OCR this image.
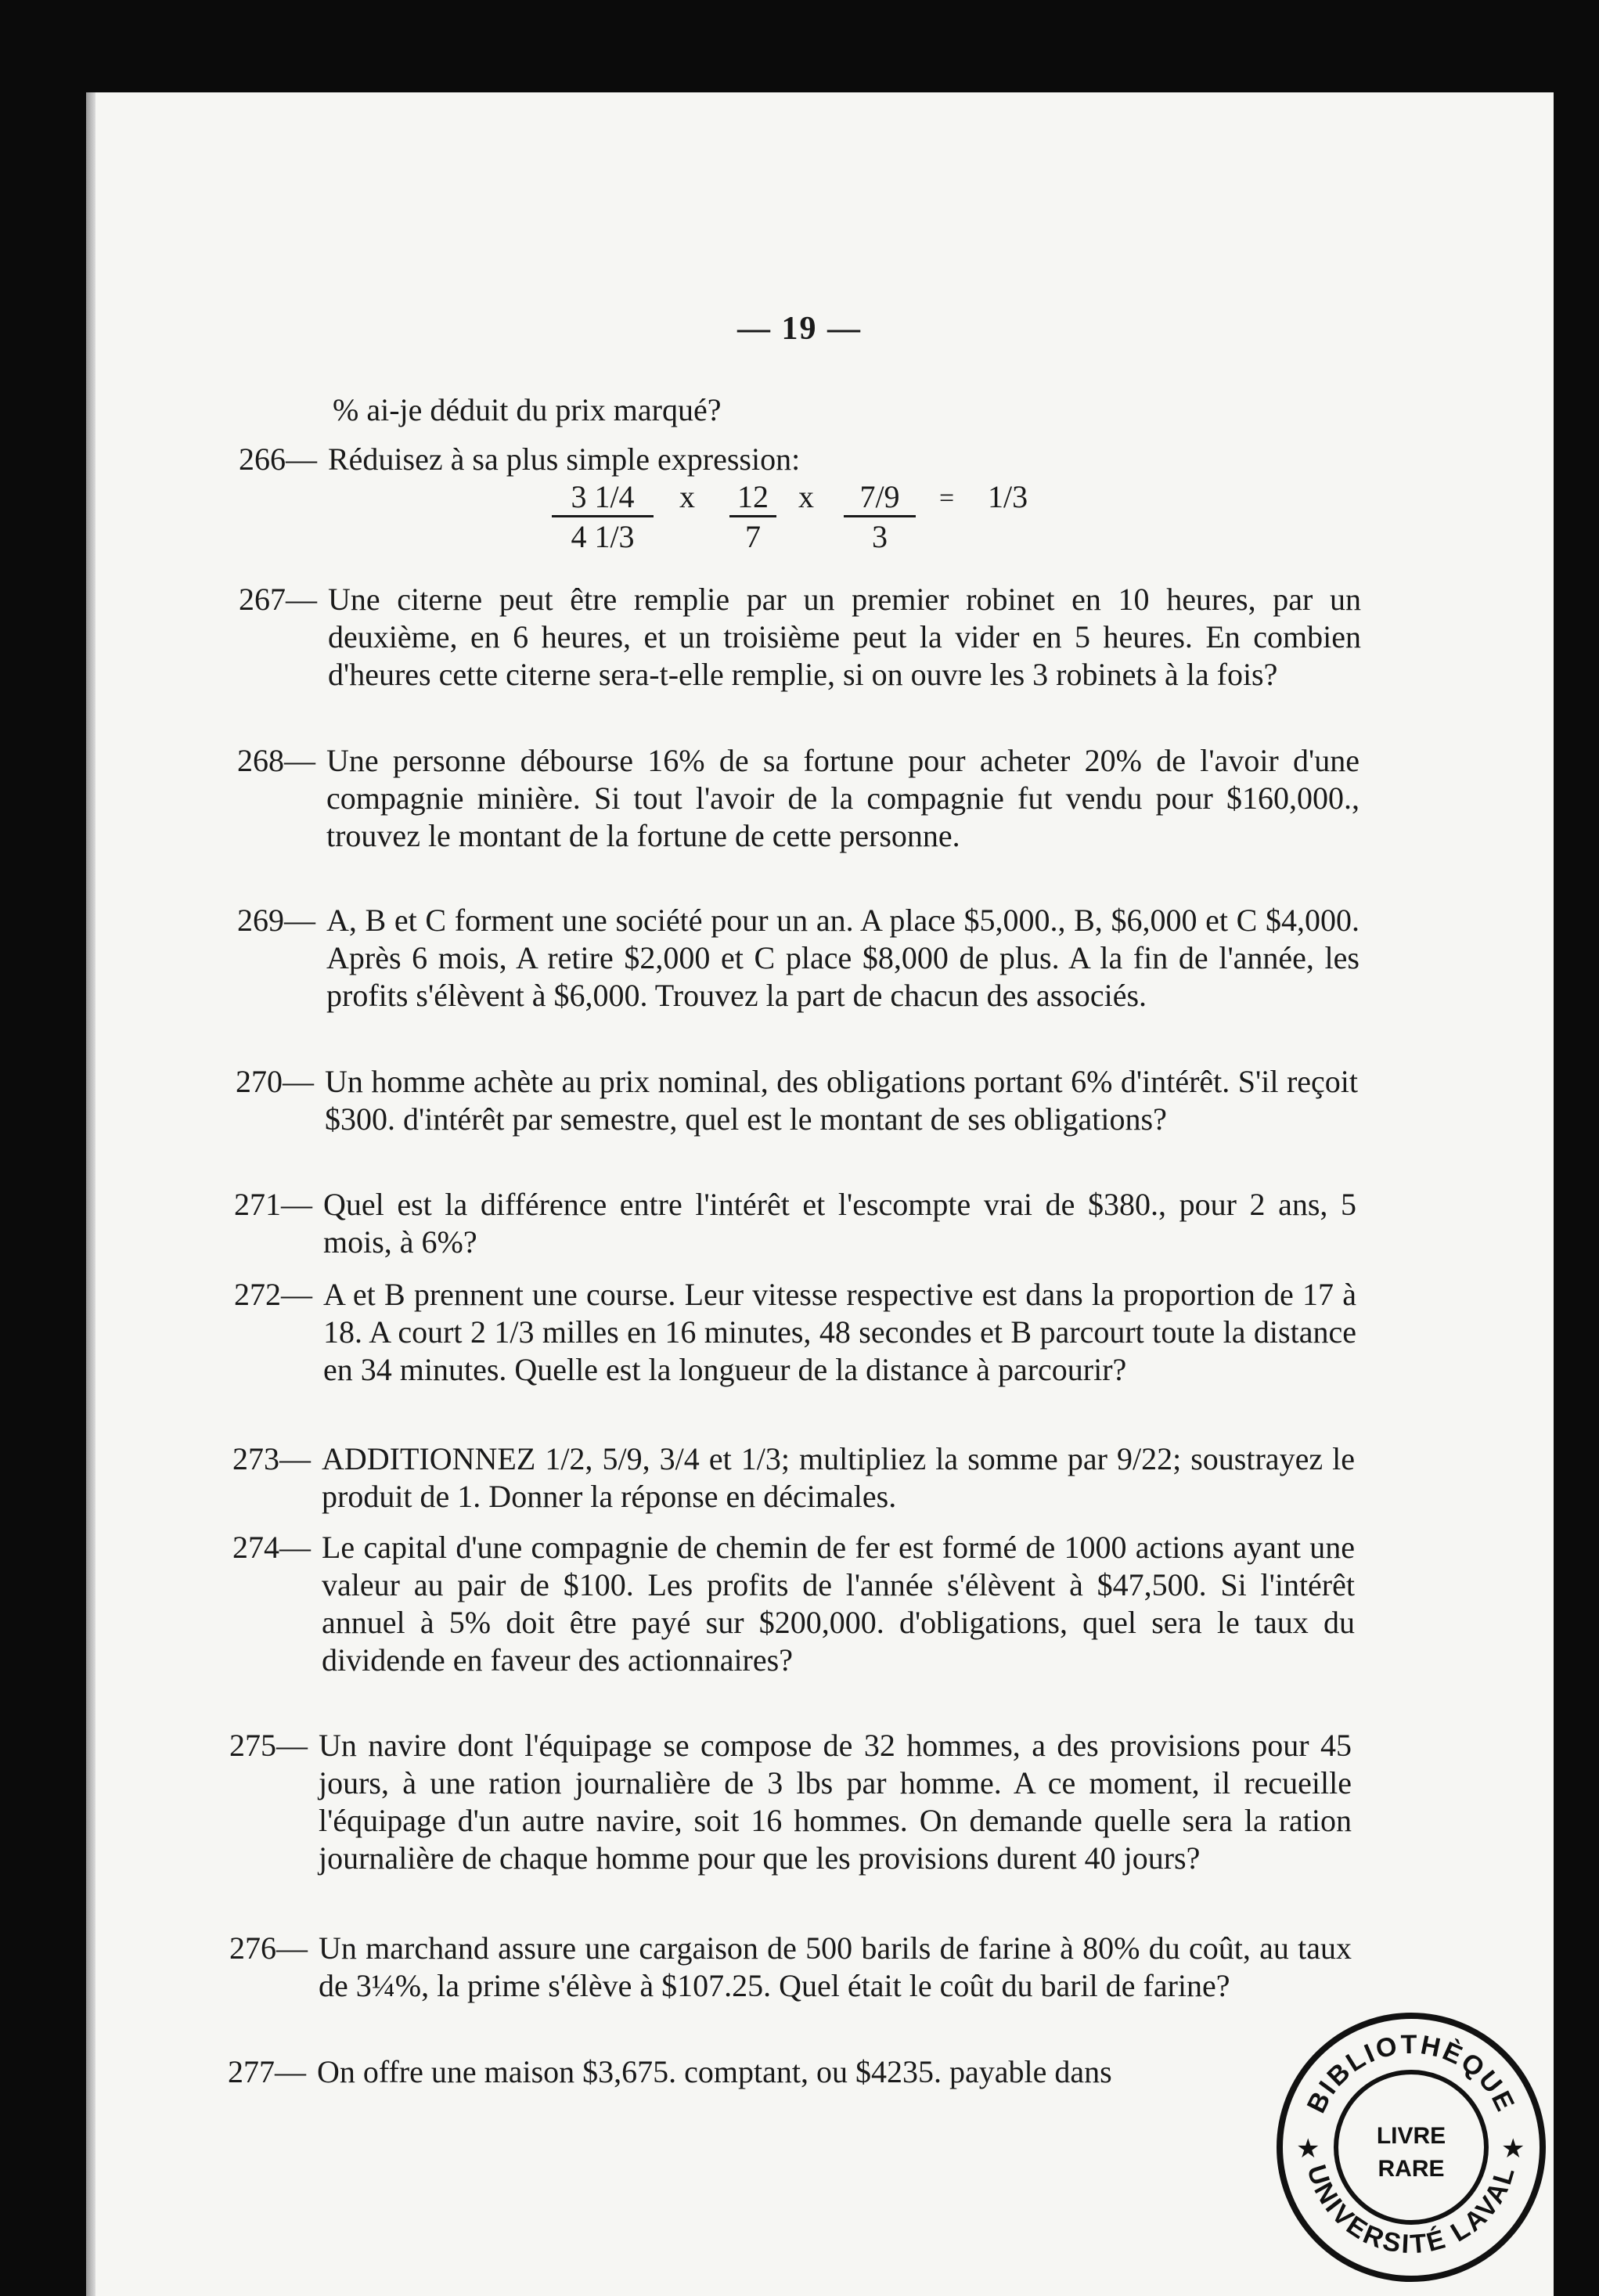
— 19 —
% ai-je déduit du prix marqué?
266— Réduisez à sa plus simple expression:
$\frac{3 1/4}{4 1/3}$ x $\frac{12}{7}$ x $\frac{7/9}{3} = 1/3$
267— Une citerne peut être remplie par un premier robinet en 10 heures, par un deuxième, en 6 heures, et un troisième peut la vider en 5 heures. En combien d'heures cette citerne sera-t-elle remplie, si on ouvre les 3 robinets à la fois?
268— Une personne débourse 16% de sa fortune pour acheter 20% de l'avoir d'une compagnie minière. Si tout l'avoir de la compagnie fut vendu pour $160,000., trouvez le montant de la fortune de cette personne.
269— A, B et C forment une société pour un an. A place $5,000., B, $6,000 et C $4,000. Après 6 mois, A retire $2,000 et C place $8,000 de plus. A la fin de l'année, les profits s'élèvent à $6,000. Trouvez la part de chacun des associés.
270— Un homme achète au prix nominal, des obligations portant 6% d'intérêt. S'il reçoit $300. d'intérêt par semestre, quel est le montant de ses obligations?
271— Quel est la différence entre l'intérêt et l'escompte vrai de $380., pour 2 ans, 5 mois, à 6%?
272— A et B prennent une course. Leur vitesse respective est dans la proportion de 17 à 18. A court 2 1/3 milles en 16 minutes, 48 secondes et B parcourt toute la distance en 34 minutes. Quelle est la longueur de la distance à parcourir?
273— ADDITIONNEZ 1/2, 5/9, 3/4 et 1/3; multipliez la somme par 9/22; soustrayez le produit de 1. Donner la réponse en décimales.
274— Le capital d'une compagnie de chemin de fer est formé de 1000 actions ayant une valeur au pair de $100. Les profits de l'année s'élèvent à $47,500. Si l'intérêt annuel à 5% doit être payé sur $200,000. d'obligations, quel sera le taux du dividende en faveur des actionnaires?
275— Un navire dont l'équipage se compose de 32 hommes, a des provisions pour 45 jours, à une ration journalière de 3 lbs par homme. A ce moment, il recueille l'équipage d'un autre navire, soit 16 hommes. On demande quelle sera la ration journalière de chaque homme pour que les provisions durent 40 jours?
276— Un marchand assure une cargaison de 500 barils de farine à 80% du coût, au taux de 3¼%, la prime s'élève à $107.25. Quel était le coût du baril de farine?
277— On offre une maison $3,675. comptant, ou $4235. payable dans
BIBLIOTHÈQUE
UNIVERSITÉ LAVAL
LIVRE
RARE
★	★
